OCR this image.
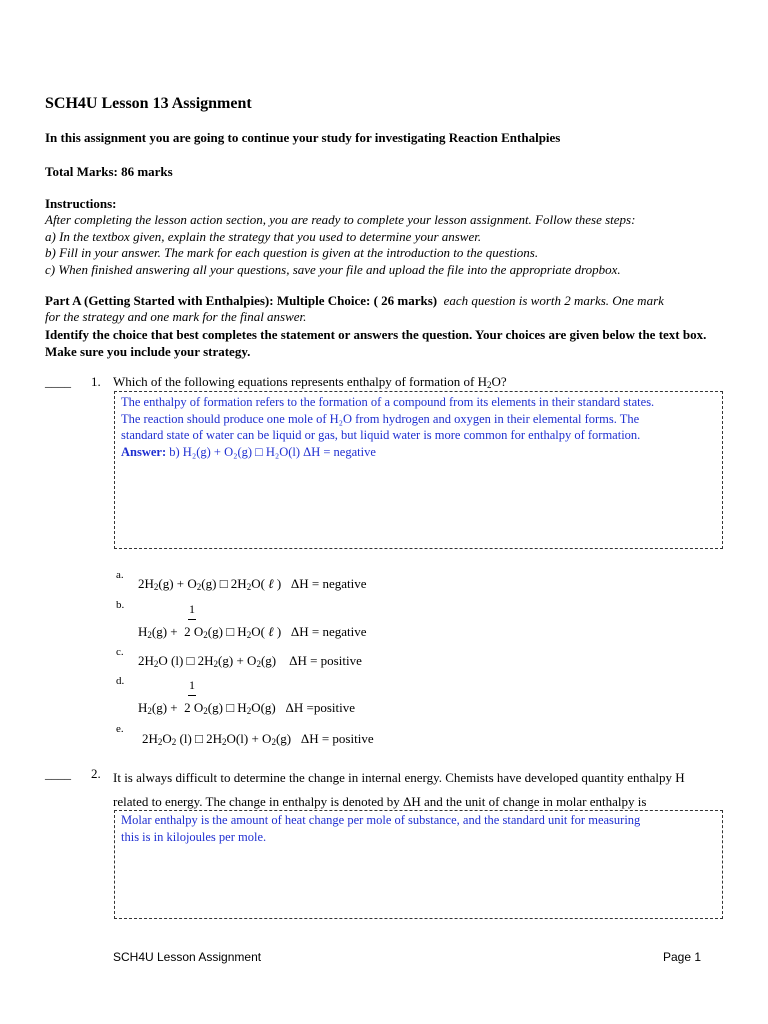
SCH4U Lesson 13 Assignment
In this assignment you are going to continue your study for investigating Reaction Enthalpies
Total Marks: 86 marks
Instructions:
After completing the lesson action section, you are ready to complete your lesson assignment. Follow these steps:
a) In the textbox given, explain the strategy that you used to determine your answer.
b) Fill in your answer. The mark for each question is given at the introduction to the questions.
c) When finished answering all your questions, save your file and upload the file into the appropriate dropbox.
Part A (Getting Started with Enthalpies): Multiple Choice: ( 26 marks) each question is worth 2 marks. One mark
for the strategy and one mark for the final answer.
Identify the choice that best completes the statement or answers the question. Your choices are given below the text box. Make sure you include your strategy.
____ 1. Which of the following equations represents enthalpy of formation of $H_2O$?
The enthalpy of formation refers to the formation of a compound from its elements in their standard states.
The reaction should produce one mole of H₂O from hydrogen and oxygen in their elemental forms. The
standard state of water can be liquid or gas, but liquid water is more common for enthalpy of formation.
Answer: b) H₂(g) + O₂(g) □ H₂O(l) ΔH = negative
a.
$2H_2(g) + O_2(g)$ □ $2H_2O$( ℓ )   ΔH = negative
b.	1
$H_2(g) + 2$ $O_2(g)$ □ $H_2O$( ℓ )   ΔH = negative
c.
$2H_2O$ (l) □ $2H_2(g) + O_2(g)$    ΔH = positive
d.	1
$H_2(g) + 2$ $O_2(g)$ □ $H_2O(g)$   ΔH =positive
e.
$2H_2O_2$ (l) □ $2H_2O(l) + O_2(g) \Delta H$ = positive
____ 2. It is always difficult to determine the change in internal energy. Chemists have developed quantity enthalpy H
related to energy. The change in enthalpy is denoted by ΔH and the unit of change in molar enthalpy is
Molar enthalpy is the amount of heat change per mole of substance, and the standard unit for measuring
this is in kilojoules per mole.
SCH4U Lesson Assignment	Page 1
